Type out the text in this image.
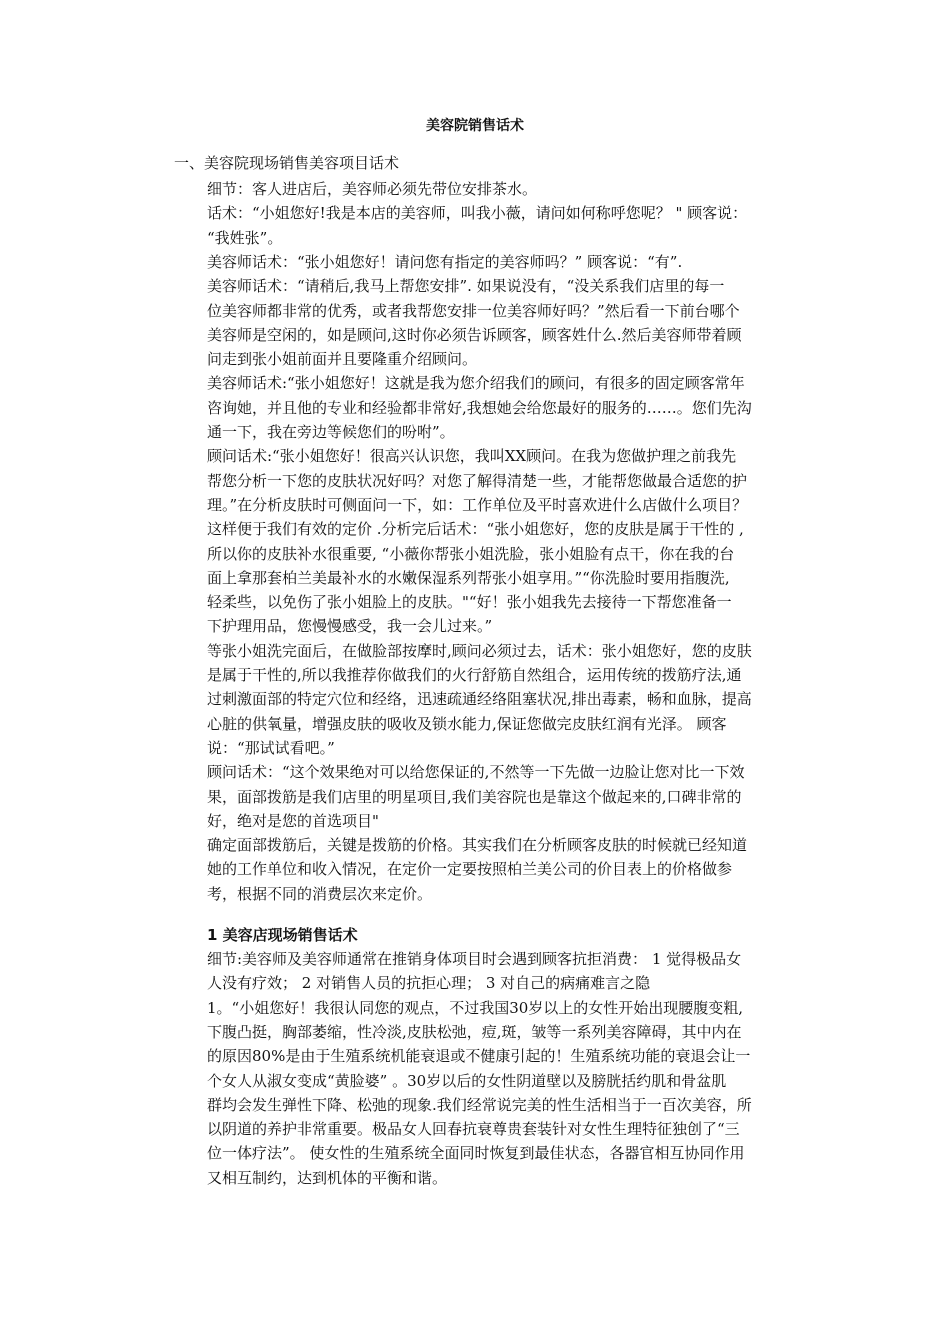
美容院销售话术
一、美容院现场销售美容项目话术
细节：客人进店后，美容师必须先带位安排茶水。
话术：“小姐您好!我是本店的美容师，叫我小薇，请问如何称呼您呢？ " 顾客说：
“我姓张”。
美容师话术：“张小姐您好！请问您有指定的美容师吗？” 顾客说：“有”.
美容师话术：“请稍后,我马上帮您安排”. 如果说没有，“没关系我们店里的每一
位美容师都非常的优秀，或者我帮您安排一位美容师好吗？”然后看一下前台哪个
美容师是空闲的，如是顾问,这时你必须告诉顾客，顾客姓什么.然后美容师带着顾
问走到张小姐前面并且要隆重介绍顾问。
美容师话术:“张小姐您好！这就是我为您介绍我们的顾问，有很多的固定顾客常年
咨询她，并且他的专业和经验都非常好,我想她会给您最好的服务的……。您们先沟
通一下，我在旁边等候您们的吩咐”。
顾问话术:“张小姐您好！很高兴认识您，我叫XX顾问。在我为您做护理之前我先
帮您分析一下您的皮肤状况好吗？对您了解得清楚一些，才能帮您做最合适您的护
理。”在分析皮肤时可侧面问一下，如：工作单位及平时喜欢进什么店做什么项目？
这样便于我们有效的定价 .分析完后话术：“张小姐您好，您的皮肤是属于干性的 ,
所以你的皮肤补水很重要, “小薇你帮张小姐洗脸，张小姐脸有点干，你在我的台
面上拿那套柏兰美最补水的水嫩保湿系列帮张小姐享用。”“你洗脸时要用指腹洗,
轻柔些，以免伤了张小姐脸上的皮肤。"“好！张小姐我先去接待一下帮您准备一
下护理用品，您慢慢感受，我一会儿过来。”
等张小姐洗完面后，在做脸部按摩时,顾问必须过去，话术：张小姐您好，您的皮肤
是属于干性的,所以我推荐你做我们的火行舒筋自然组合，运用传统的拨筋疗法,通
过刺激面部的特定穴位和经络，迅速疏通经络阻塞状况,排出毒素，畅和血脉，提高
心脏的供氧量，增强皮肤的吸收及锁水能力,保证您做完皮肤红润有光泽。 顾客
说：“那试试看吧。”
顾问话术：“这个效果绝对可以给您保证的,不然等一下先做一边脸让您对比一下效
果，面部拨筋是我们店里的明星项目,我们美容院也是靠这个做起来的,口碑非常的
好，绝对是您的首选项目"
确定面部拨筋后，关键是拨筋的价格。其实我们在分析顾客皮肤的时候就已经知道
她的工作单位和收入情况，在定价一定要按照柏兰美公司的价目表上的价格做参
考，根据不同的消费层次来定价。
1 美容店现场销售话术
细节:美容师及美容师通常在推销身体项目时会遇到顾客抗拒消费： 1 觉得极品女
人没有疗效； 2 对销售人员的抗拒心理； 3 对自己的病痛难言之隐
1。“小姐您好！我很认同您的观点，不过我国30岁以上的女性开始出现腰腹变粗,
下腹凸挺，胸部萎缩，性冷淡,皮肤松弛，痘,斑，皱等一系列美容障碍，其中内在
的原因80%是由于生殖系统机能衰退或不健康引起的！生殖系统功能的衰退会让一
个女人从淑女变成“黄脸婆” 。30岁以后的女性阴道壁以及膀胱括约肌和骨盆肌
群均会发生弹性下降、松弛的现象.我们经常说完美的性生活相当于一百次美容，所
以阴道的养护非常重要。极品女人回春抗衰尊贵套装针对女性生理特征独创了“三
位一体疗法”。 使女性的生殖系统全面同时恢复到最佳状态，各器官相互协同作用
又相互制约，达到机体的平衡和谐。
